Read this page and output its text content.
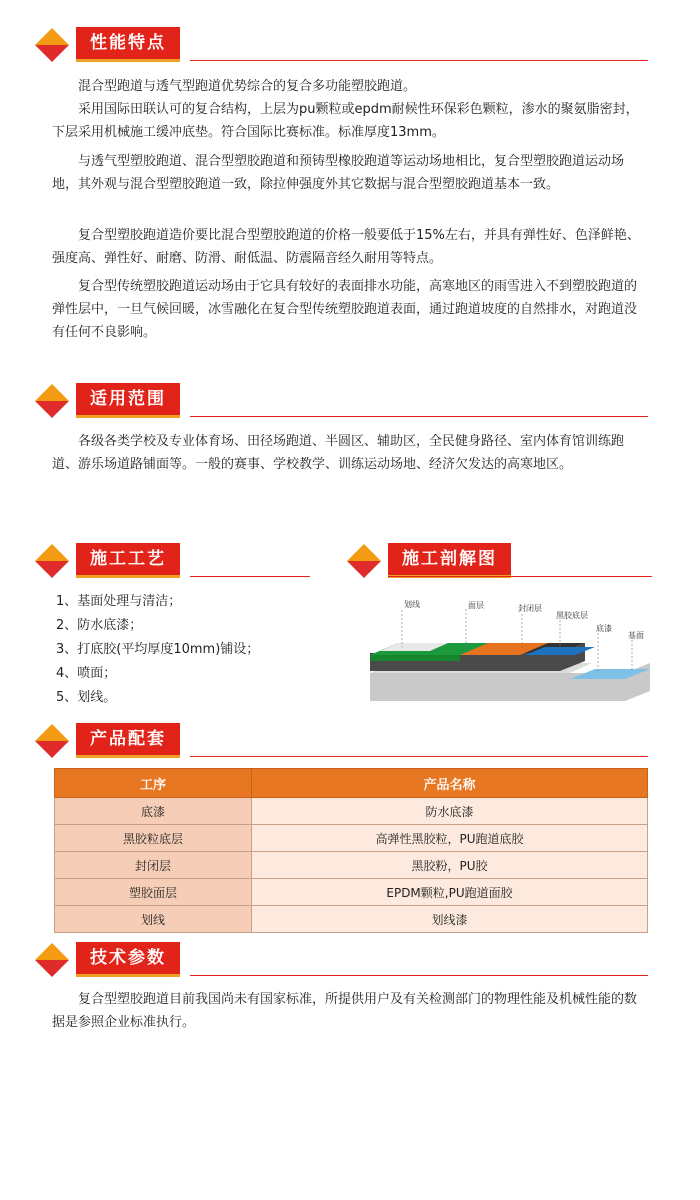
性能特点

混合型跑道与透气型跑道优势综合的复合多功能塑胶跑道。

采用国际田联认可的复合结构，上层为pu颗粒或epdm耐候性环保彩色颗粒，渗水的聚氨脂密封，下层采用机械施工缓冲底垫。符合国际比赛标准。标准厚度13mm。

与透气型塑胶跑道、混合型塑胶跑道和预铸型橡胶跑道等运动场地相比，复合型塑胶跑道运动场地，其外观与混合型塑胶跑道一致，除拉伸强度外其它数据与混合型塑胶跑道基本一致。

复合型塑胶跑道造价要比混合型塑胶跑道的价格一般要低于15%左右，并具有弹性好、色泽鲜艳、强度高、弹性好、耐磨、防滑、耐低温、防震隔音经久耐用等特点。

复合型传统塑胶跑道运动场由于它具有较好的表面排水功能，高寒地区的雨雪进入不到塑胶跑道的弹性层中，一旦气候回暖，冰雪融化在复合型传统塑胶跑道表面，通过跑道坡度的自然排水，对跑道没有任何不良影响。

适用范围

各级各类学校及专业体育场、田径场跑道、半圆区、辅助区，全民健身路径、室内体育馆训练跑道、游乐场道路铺面等。一般的赛事、学校教学、训练运动场地、经济欠发达的高寒地区。

施工工艺
1、基面处理与清洁；
2、防水底漆；
3、打底胶(平均厚度10mm)铺设；
4、喷面；
5、划线。
施工剖解图
划线	面层	封闭层
黑胶底层
底漆
基面
产品配套
工序	产品名称
底漆	防水底漆
黑胶粒底层	高弹性黑胶粒，PU跑道底胶
封闭层	黑胶粉，PU胶
塑胶面层	EPDM颗粒,PU跑道面胶
划线	划线漆
技术参数

复合型塑胶跑道目前我国尚未有国家标准，所提供用户及有关检测部门的物理性能及机械性能的数据是参照企业标准执行。
